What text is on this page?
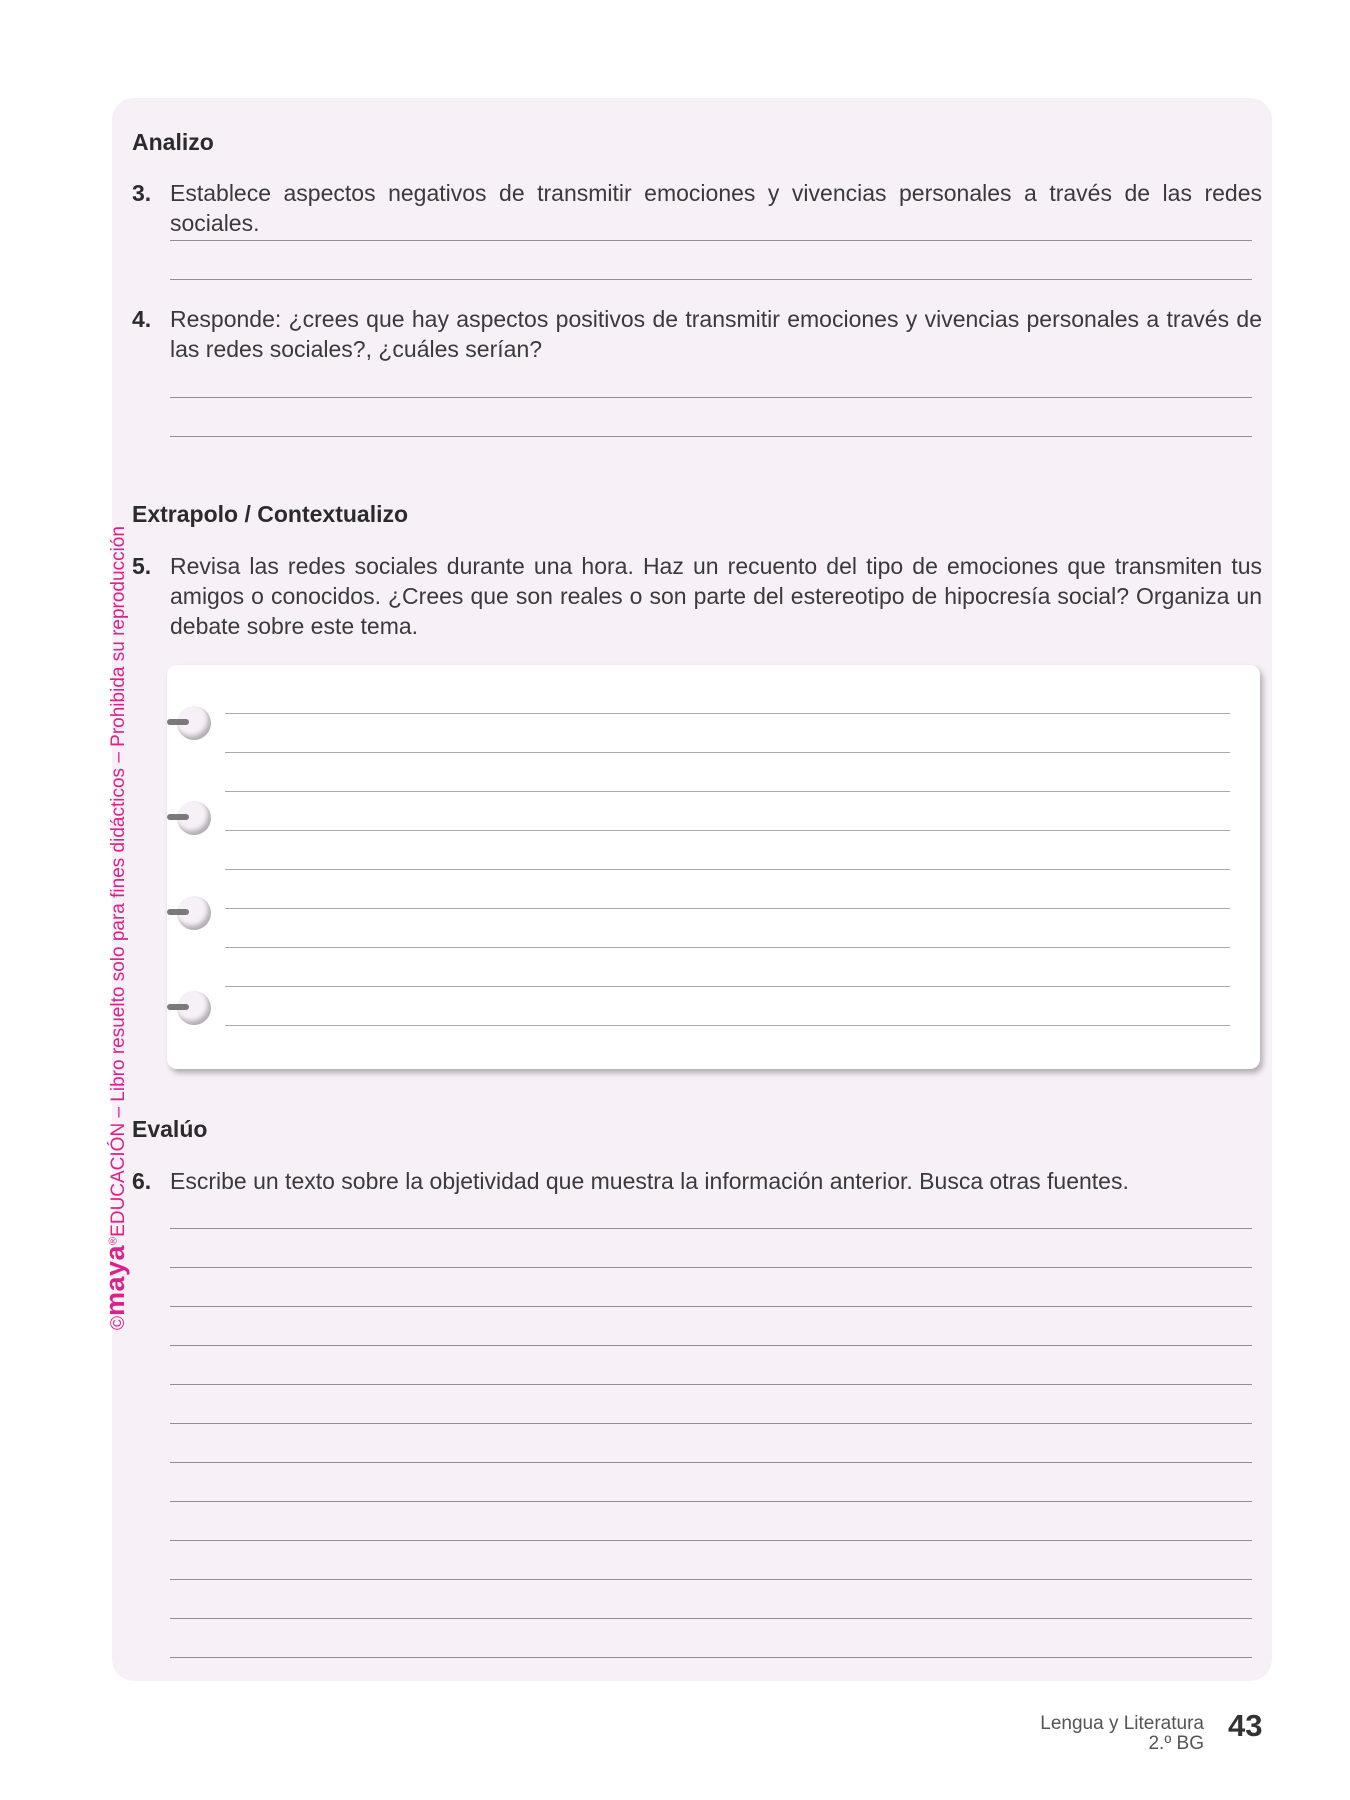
Analizo
3. Establece aspectos negativos de transmitir emociones y vivencias personales a través de las redes sociales.
4. Responde: ¿crees que hay aspectos positivos de transmitir emociones y vivencias personales a través de las redes sociales?, ¿cuáles serían?
Extrapolo / Contextualizo
5. Revisa las redes sociales durante una hora. Haz un recuento del tipo de emociones que transmiten tus amigos o conocidos. ¿Crees que son reales o son parte del estereotipo de hipocresía social? Organiza un debate sobre este tema.
Evalúo
6. Escribe un texto sobre la objetividad que muestra la información anterior. Busca otras fuentes.
©maya®EDUCACIÓN – Libro resuelto solo para fines didácticos – Prohibida su reproducción
Lengua y Literatura
2.º BG
43
